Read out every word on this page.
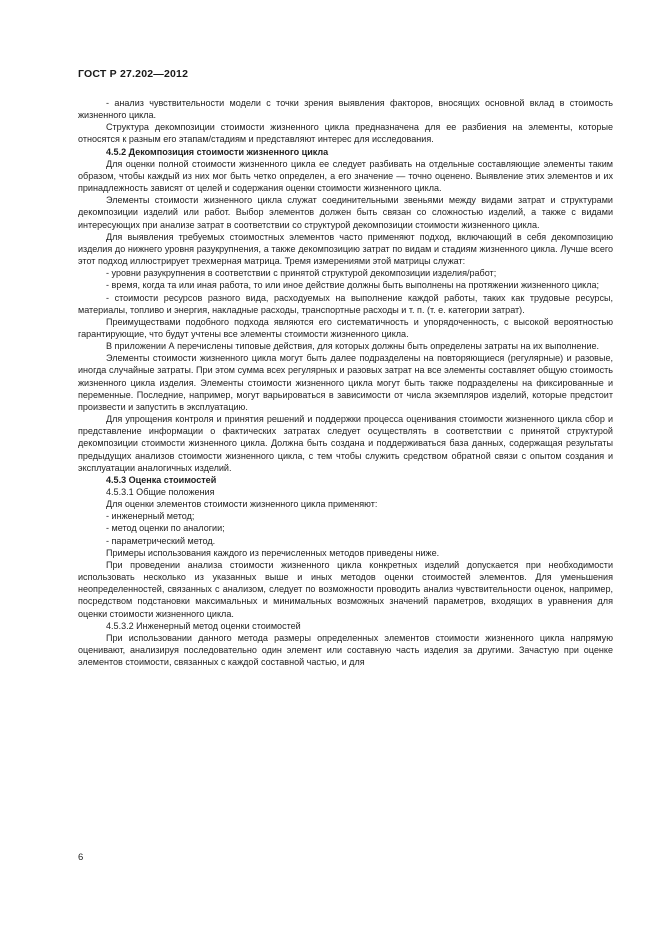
ГОСТ Р 27.202—2012

- анализ чувствительности модели с точки зрения выявления факторов, вносящих основной вклад в стоимость жизненного цикла.

Структура декомпозиции стоимости жизненного цикла предназначена для ее разбиения на элементы, которые относятся к разным его этапам/стадиям и представляют интерес для исследования.

4.5.2 Декомпозиция стоимости жизненного цикла

Для оценки полной стоимости жизненного цикла ее следует разбивать на отдельные составляющие элементы таким образом, чтобы каждый из них мог быть четко определен, а его значение — точно оценено. Выявление этих элементов и их принадлежность зависят от целей и содержания оценки стоимости жизненного цикла.

Элементы стоимости жизненного цикла служат соединительными звеньями между видами затрат и структурами декомпозиции изделий или работ. Выбор элементов должен быть связан со сложностью изделий, а также с видами интересующих при анализе затрат в соответствии со структурой декомпозиции стоимости жизненного цикла.

Для выявления требуемых стоимостных элементов часто применяют подход, включающий в себя декомпозицию изделия до нижнего уровня разукрупнения, а также декомпозицию затрат по видам и стадиям жизненного цикла. Лучше всего этот подход иллюстрирует трехмерная матрица. Тремя измерениями этой матрицы служат:

- уровни разукрупнения в соответствии с принятой структурой декомпозиции изделия/работ;

- время, когда та или иная работа, то или иное действие должны быть выполнены на протяжении жизненного цикла;

- стоимости ресурсов разного вида, расходуемых на выполнение каждой работы, таких как трудовые ресурсы, материалы, топливо и энергия, накладные расходы, транспортные расходы и т. п. (т. е. категории затрат).

Преимуществами подобного подхода являются его систематичность и упорядоченность, с высокой вероятностью гарантирующие, что будут учтены все элементы стоимости жизненного цикла.

В приложении А перечислены типовые действия, для которых должны быть определены затраты на их выполнение.

Элементы стоимости жизненного цикла могут быть далее подразделены на повторяющиеся (регулярные) и разовые, иногда случайные затраты. При этом сумма всех регулярных и разовых затрат на все элементы составляет общую стоимость жизненного цикла изделия. Элементы стоимости жизненного цикла могут быть также подразделены на фиксированные и переменные. Последние, например, могут варьироваться в зависимости от числа экземпляров изделий, которые предстоит произвести и запустить в эксплуатацию.

Для упрощения контроля и принятия решений и поддержки процесса оценивания стоимости жизненного цикла сбор и представление информации о фактических затратах следует осуществлять в соответствии с принятой структурой декомпозиции стоимости жизненного цикла. Должна быть создана и поддерживаться база данных, содержащая результаты предыдущих анализов стоимости жизненного цикла, с тем чтобы служить средством обратной связи с опытом создания и эксплуатации аналогичных изделий.

4.5.3 Оценка стоимостей

4.5.3.1 Общие положения

Для оценки элементов стоимости жизненного цикла применяют:

- инженерный метод;

- метод оценки по аналогии;

- параметрический метод.

Примеры использования каждого из перечисленных методов приведены ниже.

При проведении анализа стоимости жизненного цикла конкретных изделий допускается при необходимости использовать несколько из указанных выше и иных методов оценки стоимостей элементов. Для уменьшения неопределенностей, связанных с анализом, следует по возможности проводить анализ чувствительности оценок, например, посредством подстановки максимальных и минимальных возможных значений параметров, входящих в уравнения для оценки стоимости жизненного цикла.

4.5.3.2 Инженерный метод оценки стоимостей

При использовании данного метода размеры определенных элементов стоимости жизненного цикла напрямую оценивают, анализируя последовательно один элемент или составную часть изделия за другими. Зачастую при оценке элементов стоимости, связанных с каждой составной частью, и для

6
